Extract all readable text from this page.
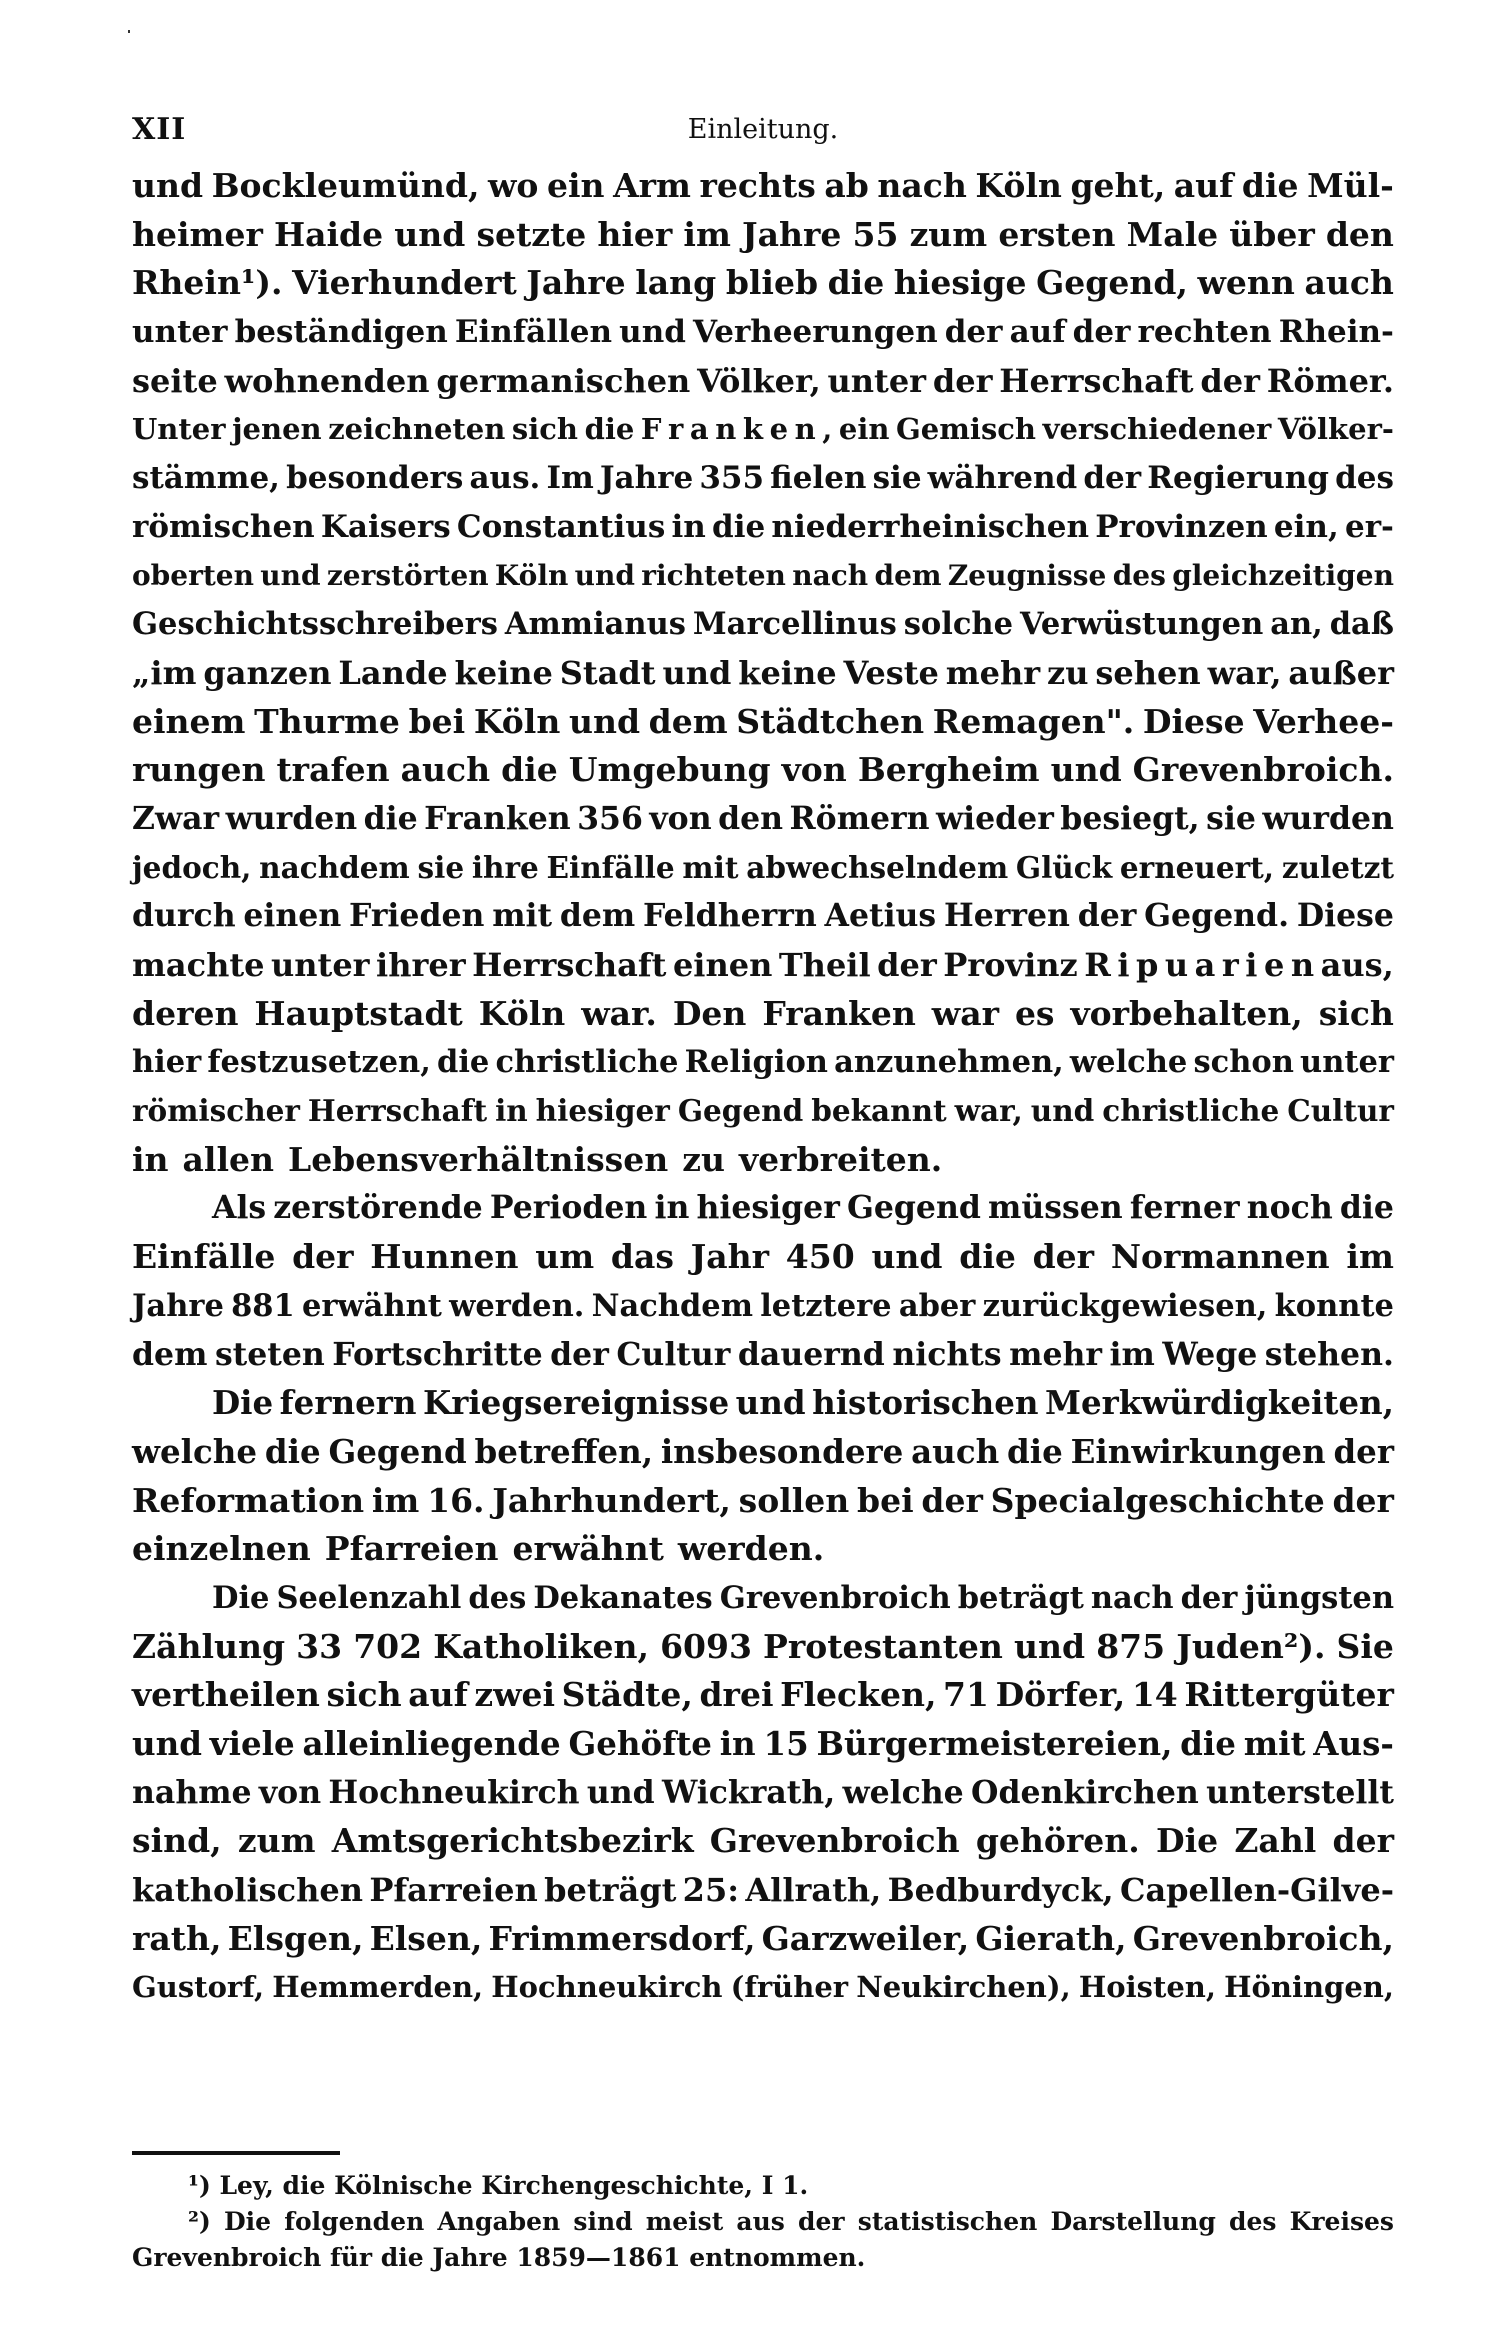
XII	Einleitung.
und Bockleumünd, wo ein Arm rechts ab nach Köln geht, auf die Mül-
heimer Haide und setzte hier im Jahre 55 zum ersten Male über den
Rhein¹). Vierhundert Jahre lang blieb die hiesige Gegend, wenn auch
unter beständigen Einfällen und Verheerungen der auf der rechten Rhein-
seite wohnenden germanischen Völker, unter der Herrschaft der Römer.
Unter jenen zeichneten sich die F r a n k e n , ein Gemisch verschiedener Völker-
stämme, besonders aus. Im Jahre 355 fielen sie während der Regierung des
römischen Kaisers Constantius in die niederrheinischen Provinzen ein, er-
oberten und zerstörten Köln und richteten nach dem Zeugnisse des gleichzeitigen
Geschichtsschreibers Ammianus Marcellinus solche Verwüstungen an, daß
„im ganzen Lande keine Stadt und keine Veste mehr zu sehen war, außer
einem Thurme bei Köln und dem Städtchen Remagen". Diese Verhee-
rungen trafen auch die Umgebung von Bergheim und Grevenbroich.
Zwar wurden die Franken 356 von den Römern wieder besiegt, sie wurden
jedoch, nachdem sie ihre Einfälle mit abwechselndem Glück erneuert, zuletzt
durch einen Frieden mit dem Feldherrn Aetius Herren der Gegend. Diese
machte unter ihrer Herrschaft einen Theil der Provinz R i p u a r i e n aus,
deren Hauptstadt Köln war. Den Franken war es vorbehalten, sich
hier festzusetzen, die christliche Religion anzunehmen, welche schon unter
römischer Herrschaft in hiesiger Gegend bekannt war, und christliche Cultur
in allen Lebensverhältnissen zu verbreiten.
Als zerstörende Perioden in hiesiger Gegend müssen ferner noch die
Einfälle der Hunnen um das Jahr 450 und die der Normannen im
Jahre 881 erwähnt werden. Nachdem letztere aber zurückgewiesen, konnte
dem steten Fortschritte der Cultur dauernd nichts mehr im Wege stehen.
Die fernern Kriegsereignisse und historischen Merkwürdigkeiten,
welche die Gegend betreffen, insbesondere auch die Einwirkungen der
Reformation im 16. Jahrhundert, sollen bei der Specialgeschichte der
einzelnen Pfarreien erwähnt werden.
Die Seelenzahl des Dekanates Grevenbroich beträgt nach der jüngsten
Zählung 33 702 Katholiken, 6093 Protestanten und 875 Juden²). Sie
vertheilen sich auf zwei Städte, drei Flecken, 71 Dörfer, 14 Rittergüter
und viele alleinliegende Gehöfte in 15 Bürgermeistereien, die mit Aus-
nahme von Hochneukirch und Wickrath, welche Odenkirchen unterstellt
sind, zum Amtsgerichtsbezirk Grevenbroich gehören. Die Zahl der
katholischen Pfarreien beträgt 25: Allrath, Bedburdyck, Capellen-Gilve-
rath, Elsgen, Elsen, Frimmersdorf, Garzweiler, Gierath, Grevenbroich,
Gustorf, Hemmerden, Hochneukirch (früher Neukirchen), Hoisten, Höningen,
¹) Ley, die Kölnische Kirchengeschichte, I 1.
²) Die folgenden Angaben sind meist aus der statistischen Darstellung des Kreises
Grevenbroich für die Jahre 1859—1861 entnommen.
